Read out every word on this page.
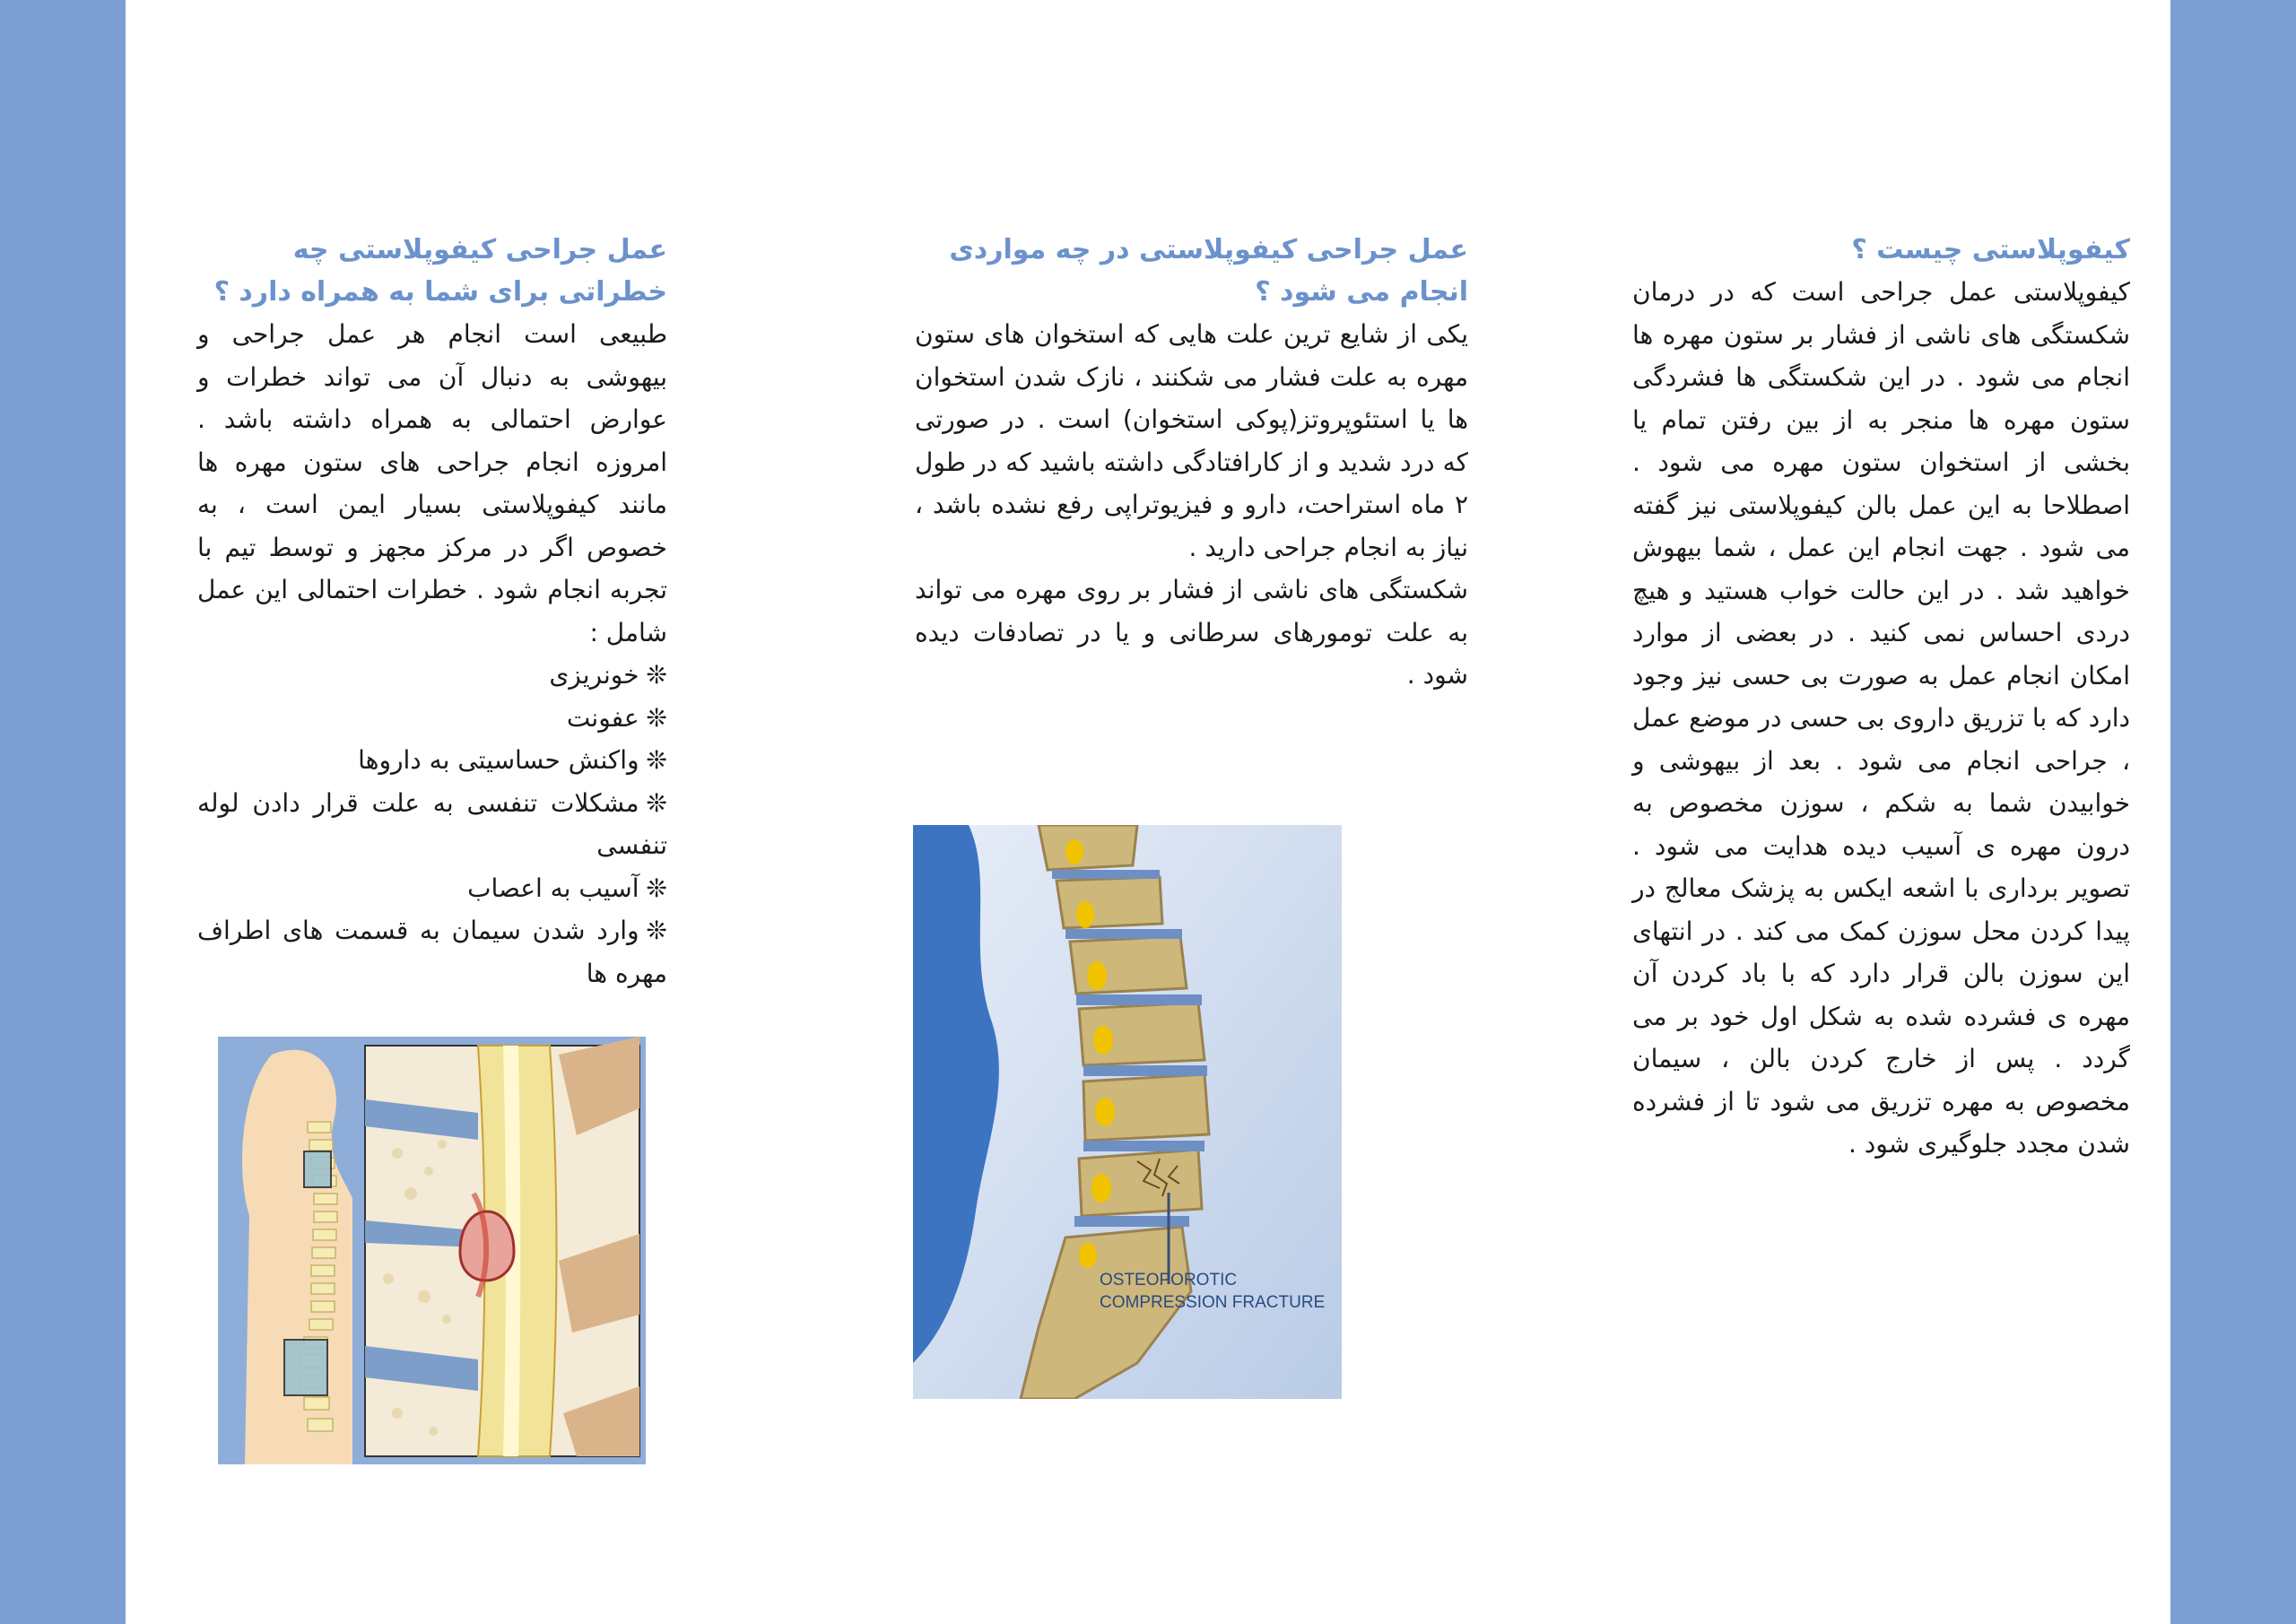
کیفوپلاستی چیست ؟

کیفوپلاستی عمل جراحی است که در درمان شکستگی های ناشی از فشار بر ستون مهره ها انجام می شود . در این شکستگی ها فشردگی ستون مهره ها منجر به از بین رفتن تمام یا بخشی از استخوان ستون مهره می شود . اصطلاحا به این عمل بالن کیفوپلاستی نیز گفته می شود . جهت انجام این عمل ، شما بیهوش خواهید شد . در این حالت خواب هستید و هیچ دردی احساس نمی کنید . در بعضی از موارد امکان انجام عمل به صورت بی حسی نیز وجود دارد که با تزریق داروی بی حسی در موضع عمل ، جراحی انجام می شود . بعد از بیهوشی و خوابیدن شما به شکم ، سوزن مخصوص به درون مهره ی آسیب دیده هدایت می شود . تصویر برداری با اشعه ایکس به پزشک معالج در پیدا کردن محل سوزن کمک می کند . در انتهای این سوزن بالن قرار دارد که با باد کردن آن مهره ی فشرده شده به شکل اول خود بر می گردد . پس از خارج کردن بالن ، سیمان مخصوص به مهره تزریق می شود تا از فشرده شدن مجدد جلوگیری شود .

عمل جراحی کیفوپلاستی در چه مواردی انجام می شود ؟

یکی از شایع ترین علت هایی که استخوان های ستون مهره به علت فشار می شکنند ، نازک شدن استخوان ها یا استئوپروتز(پوکی استخوان) است . در صورتی که درد شدید و از کارافتادگی داشته باشید که در طول ۲ ماه استراحت، دارو و فیزیوتراپی رفع نشده باشد ، نیاز به انجام جراحی دارید .

شکستگی های ناشی از فشار بر روی مهره می تواند به علت تومورهای سرطانی و یا در تصادفات دیده شود .

عمل جراحی کیفوپلاستی چه خطراتی برای شما به همراه دارد ؟

طبیعی است انجام هر عمل جراحی و بیهوشی به دنبال آن می تواند خطرات و عوارض احتمالی به همراه داشته باشد . امروزه انجام جراحی های ستون مهره ها مانند کیفوپلاستی بسیار ایمن است ، به خصوص اگر در مرکز مجهز و توسط تیم با تجربه انجام شود . خطرات احتمالی این عمل شامل :

❊خونریزی
❊عفونت
❊واکنش حساسیتی به داروها
❊مشکلات تنفسی به علت قرار دادن لوله تنفسی
❊آسیب به اعصاب
❊وارد شدن سیمان به قسمت های اطراف مهره ها
OSTEOPOROTIC
COMPRESSION FRACTURE
